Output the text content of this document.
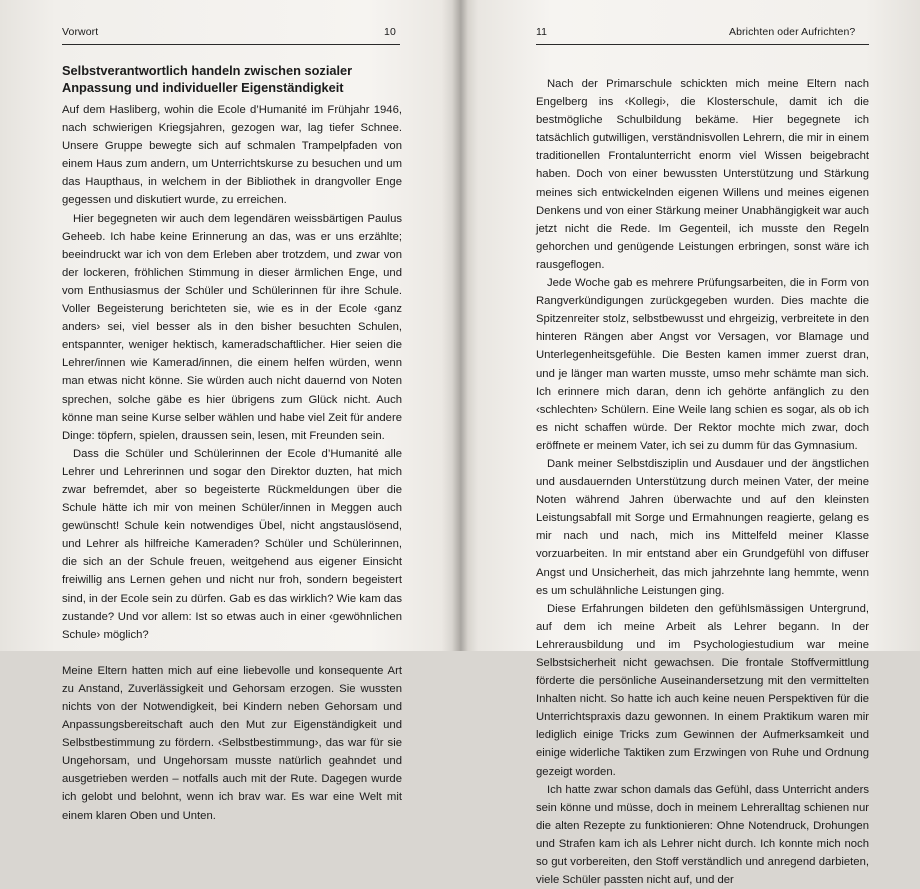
Vorwort	10
Selbstverantwortlich handeln zwischen sozialer Anpassung und individueller Eigenständigkeit

Auf dem Hasliberg, wohin die Ecole d’Humanité im Frühjahr 1946, nach schwierigen Kriegsjahren, gezogen war, lag tiefer Schnee. Unsere Gruppe bewegte sich auf schmalen Trampelpfaden von einem Haus zum andern, um Unterrichtskurse zu besuchen und um das Haupthaus, in welchem in der Bibliothek in drangvoller Enge gegessen und diskutiert wurde, zu erreichen.

Hier begegneten wir auch dem legendären weissbärtigen Paulus Geheeb. Ich habe keine Erinnerung an das, was er uns erzählte; beeindruckt war ich von dem Erleben aber trotzdem, und zwar von der lockeren, fröhlichen Stimmung in dieser ärmlichen Enge, und vom Enthusiasmus der Schüler und Schülerinnen für ihre Schule. Voller Begeisterung berichteten sie, wie es in der Ecole ‹ganz anders› sei, viel besser als in den bisher besuchten Schulen, entspannter, weniger hektisch, kameradschaftlicher. Hier seien die Lehrer/innen wie Kamerad/innen, die einem helfen würden, wenn man etwas nicht könne. Sie würden auch nicht dauernd von Noten sprechen, solche gäbe es hier übrigens zum Glück nicht. Auch könne man seine Kurse selber wählen und habe viel Zeit für andere Dinge: töpfern, spielen, draussen sein, lesen, mit Freunden sein.

Dass die Schüler und Schülerinnen der Ecole d’Humanité alle Lehrer und Lehrerinnen und sogar den Direktor duzten, hat mich zwar befremdet, aber so begeisterte Rückmeldungen über die Schule hätte ich mir von meinen Schüler/innen in Meggen auch gewünscht! Schule kein notwendiges Übel, nicht angstauslösend, und Lehrer als hilfreiche Kameraden? Schüler und Schülerinnen, die sich an der Schule freuen, weitgehend aus eigener Einsicht freiwillig ans Lernen gehen und nicht nur froh, sondern begeistert sind, in der Ecole sein zu dürfen. Gab es das wirklich? Wie kam das zustande? Und vor allem: Ist so etwas auch in einer ‹gewöhnlichen Schule› möglich?

Meine Eltern hatten mich auf eine liebevolle und konsequente Art zu Anstand, Zuverlässigkeit und Gehorsam erzogen. Sie wussten nichts von der Notwendigkeit, bei Kindern neben Gehorsam und Anpassungsbereitschaft auch den Mut zur Eigenständigkeit und Selbstbestimmung zu fördern. ‹Selbstbestimmung›, das war für sie Ungehorsam, und Ungehorsam musste natürlich geahndet und ausgetrieben werden – notfalls auch mit der Rute. Dagegen wurde ich gelobt und belohnt, wenn ich brav war. Es war eine Welt mit einem klaren Oben und Unten.

11	Abrichten oder Aufrichten?

Nach der Primarschule schickten mich meine Eltern nach Engelberg ins ‹Kollegi›, die Klosterschule, damit ich die bestmögliche Schulbildung bekäme. Hier begegnete ich tatsächlich gutwilligen, verständnisvollen Lehrern, die mir in einem traditionellen Frontalunterricht enorm viel Wissen beigebracht haben. Doch von einer bewussten Unterstützung und Stärkung meines sich entwickelnden eigenen Willens und meines eigenen Denkens und von einer Stärkung meiner Unabhängigkeit war auch jetzt nicht die Rede. Im Gegenteil, ich musste den Regeln gehorchen und genügende Leistungen erbringen, sonst wäre ich rausgeflogen.

Jede Woche gab es mehrere Prüfungsarbeiten, die in Form von Rangverkündigungen zurückgegeben wurden. Dies machte die Spitzenreiter stolz, selbstbewusst und ehrgeizig, verbreitete in den hinteren Rängen aber Angst vor Versagen, vor Blamage und Unterlegenheitsgefühle. Die Besten kamen immer zuerst dran, und je länger man warten musste, umso mehr schämte man sich. Ich erinnere mich daran, denn ich gehörte anfänglich zu den ‹schlechten› Schülern. Eine Weile lang schien es sogar, als ob ich es nicht schaffen würde. Der Rektor mochte mich zwar, doch eröffnete er meinem Vater, ich sei zu dumm für das Gymnasium.

Dank meiner Selbstdisziplin und Ausdauer und der ängstlichen und ausdauernden Unterstützung durch meinen Vater, der meine Noten während Jahren überwachte und auf den kleinsten Leistungsabfall mit Sorge und Ermahnungen reagierte, gelang es mir nach und nach, mich ins Mittelfeld meiner Klasse vorzuarbeiten. In mir entstand aber ein Grundgefühl von diffuser Angst und Unsicherheit, das mich jahrzehnte lang hemmte, wenn es um schulähnliche Leistungen ging.

Diese Erfahrungen bildeten den gefühlsmässigen Untergrund, auf dem ich meine Arbeit als Lehrer begann. In der Lehrerausbildung und im Psychologiestudium war meine Selbstsicherheit nicht gewachsen. Die frontale Stoffvermittlung förderte die persönliche Auseinandersetzung mit den vermittelten Inhalten nicht. So hatte ich auch keine neuen Perspektiven für die Unterrichtspraxis dazu gewonnen. In einem Praktikum waren mir lediglich einige Tricks zum Gewinnen der Aufmerksamkeit und einige widerliche Taktiken zum Erzwingen von Ruhe und Ordnung gezeigt worden.

Ich hatte zwar schon damals das Gefühl, dass Unterricht anders sein könne und müsse, doch in meinem Lehreralltag schienen nur die alten Rezepte zu funktionieren: Ohne Notendruck, Drohungen und Strafen kam ich als Lehrer nicht durch. Ich konnte mich noch so gut vorbereiten, den Stoff verständlich und anregend darbieten, viele Schüler passten nicht auf, und der
